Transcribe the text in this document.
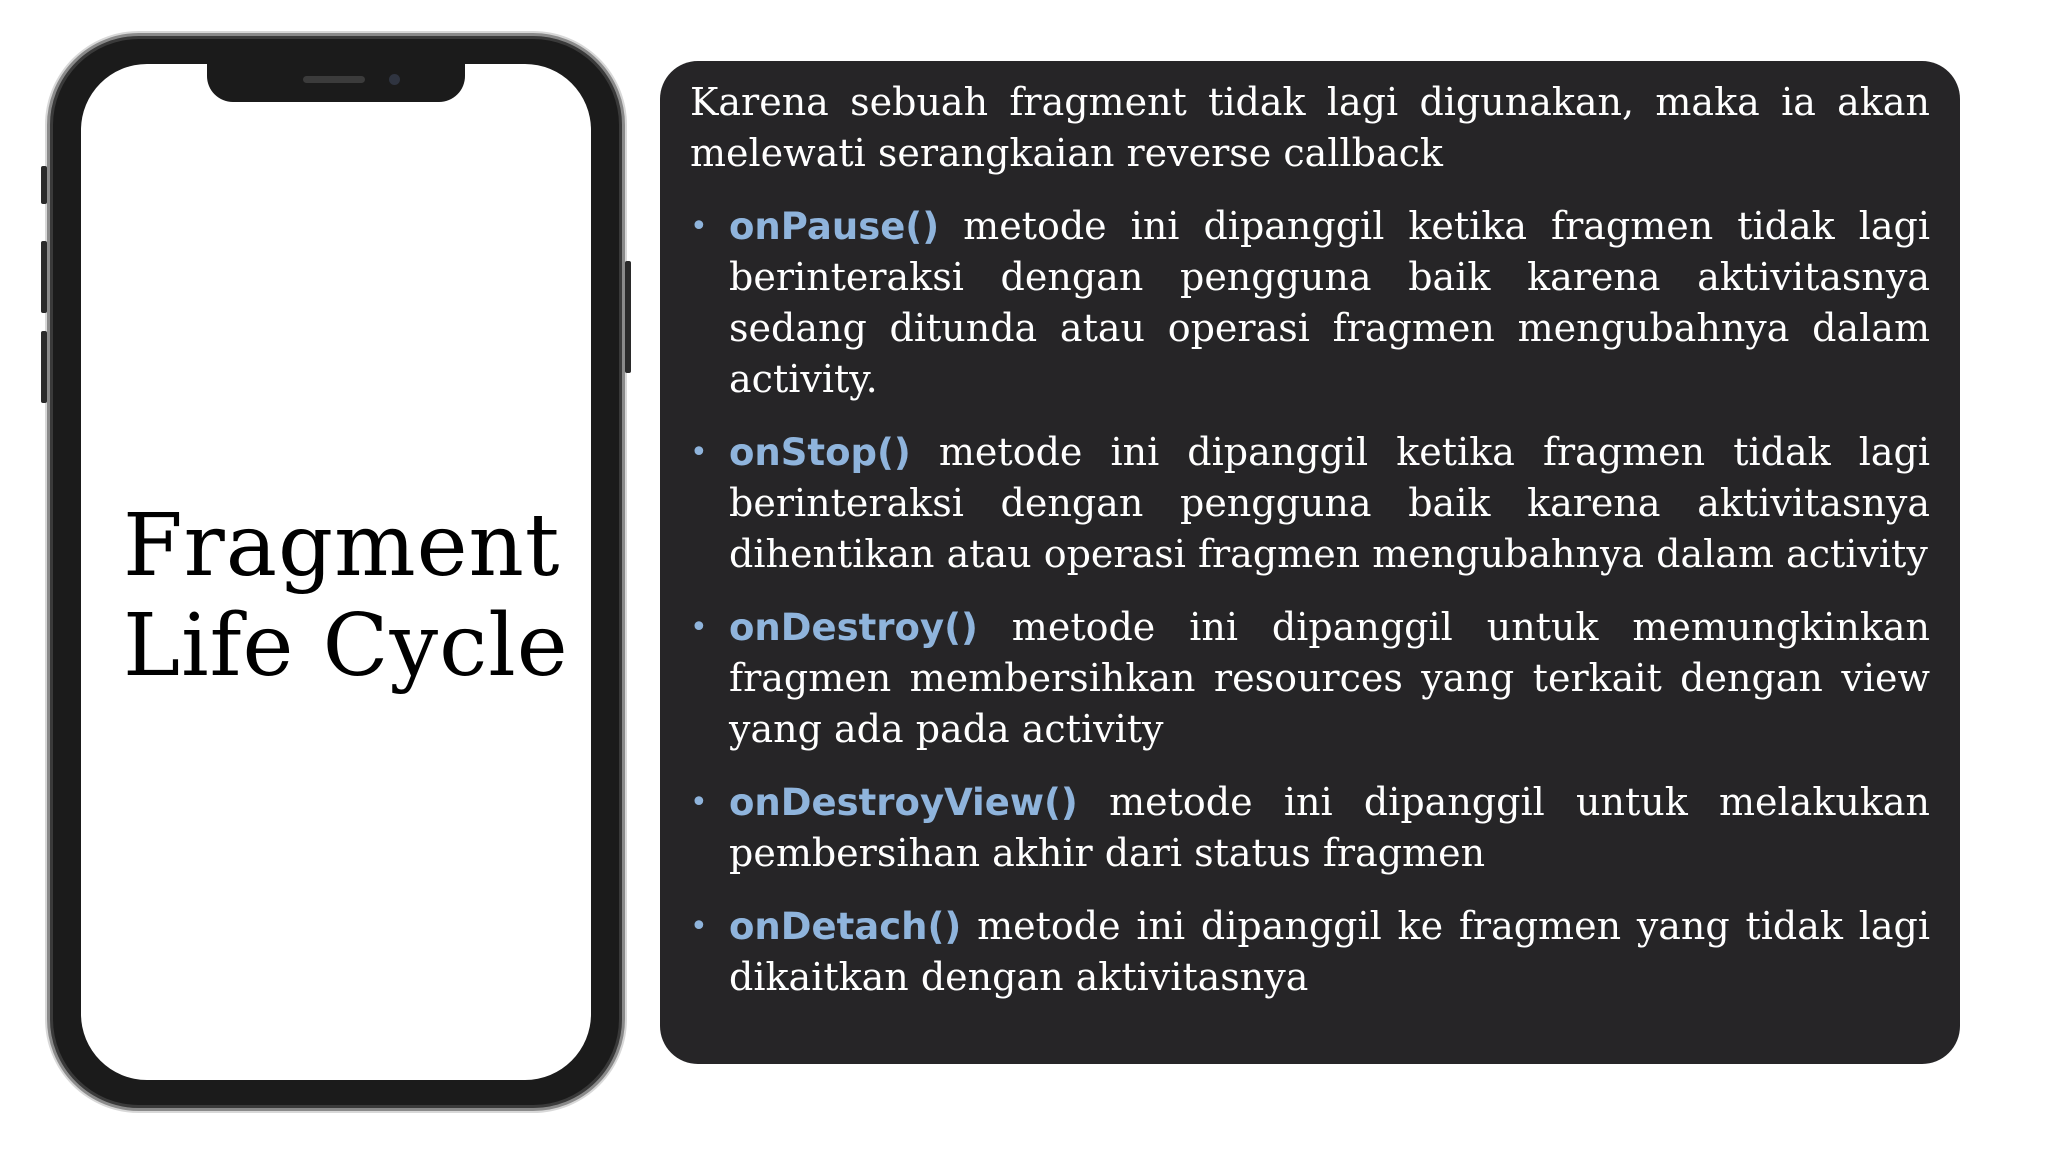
Fragment
Life Cycle

Karena sebuah fragment tidak lagi digunakan, maka ia akan melewati serangkaian reverse callback

• onPause() metode ini dipanggil ketika fragmen tidak lagi berinteraksi dengan pengguna baik karena aktivitasnya sedang ditunda atau operasi fragmen mengubahnya dalam activity.
• onStop() metode ini dipanggil ketika fragmen tidak lagi berinteraksi dengan pengguna baik karena aktivitasnya dihentikan atau operasi fragmen mengubahnya dalam activity
• onDestroy() metode ini dipanggil untuk memungkinkan fragmen membersihkan resources yang terkait dengan view yang ada pada activity
• onDestroyView() metode ini dipanggil untuk melakukan pembersihan akhir dari status fragmen
• onDetach() metode ini dipanggil ke fragmen yang tidak lagi dikaitkan dengan aktivitasnya
